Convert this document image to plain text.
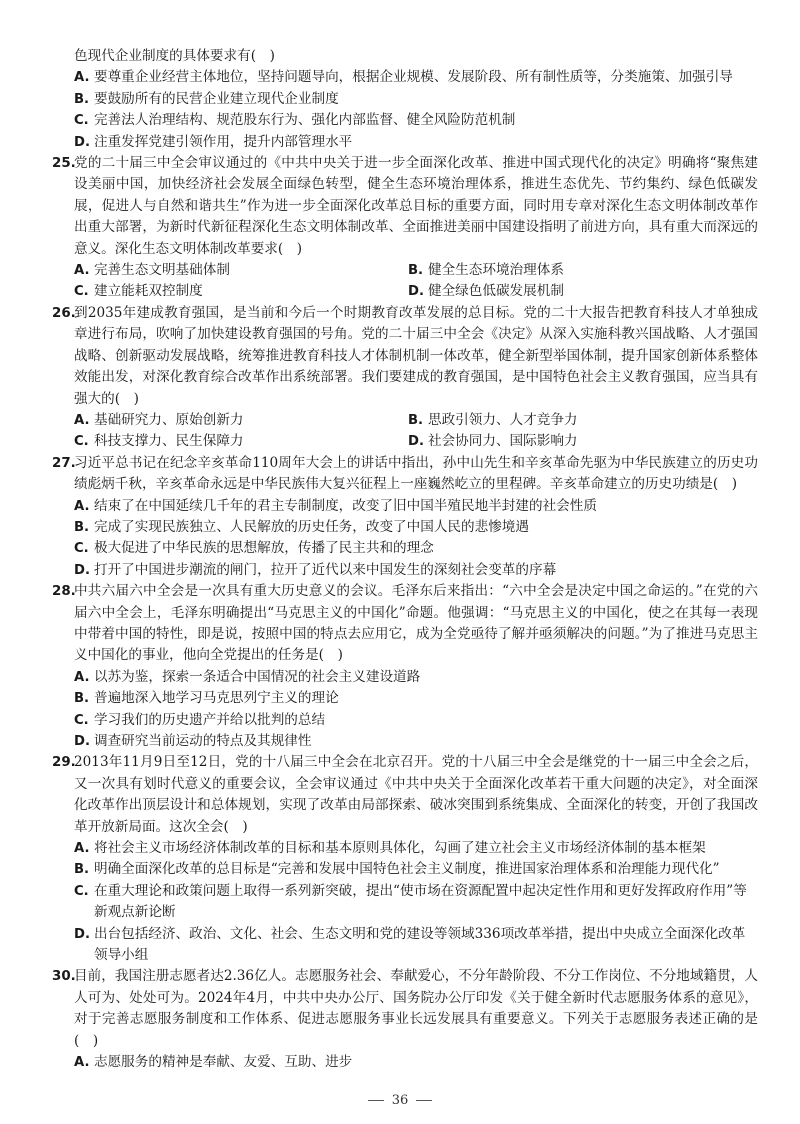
色现代企业制度的具体要求有(　)
A. 要尊重企业经营主体地位，坚持问题导向，根据企业规模、发展阶段、所有制性质等，分类施策、加强引导
B. 要鼓励所有的民营企业建立现代企业制度
C. 完善法人治理结构、规范股东行为、强化内部监督、健全风险防范机制
D. 注重发挥党建引领作用，提升内部管理水平
25.
党的二十届三中全会审议通过的《中共中央关于进一步全面深化改革、推进中国式现代化的决定》明确将“聚焦建设美丽中国，加快经济社会发展全面绿色转型，健全生态环境治理体系，推进生态优先、节约集约、绿色低碳发展，促进人与自然和谐共生”作为进一步全面深化改革总目标的重要方面，同时用专章对深化生态文明体制改革作出重大部署，为新时代新征程深化生态文明体制改革、全面推进美丽中国建设指明了前进方向，具有重大而深远的意义。深化生态文明体制改革要求(　)
A. 完善生态文明基础体制	B. 健全生态环境治理体系
C. 建立能耗双控制度	D. 健全绿色低碳发展机制
26.
到2035年建成教育强国，是当前和今后一个时期教育改革发展的总目标。党的二十大报告把教育科技人才单独成章进行布局，吹响了加快建设教育强国的号角。党的二十届三中全会《决定》从深入实施科教兴国战略、人才强国战略、创新驱动发展战略，统筹推进教育科技人才体制机制一体改革，健全新型举国体制，提升国家创新体系整体效能出发，对深化教育综合改革作出系统部署。我们要建成的教育强国，是中国特色社会主义教育强国，应当具有强大的(　)
A. 基础研究力、原始创新力	B. 思政引领力、人才竞争力
C. 科技支撑力、民生保障力	D. 社会协同力、国际影响力
27.
习近平总书记在纪念辛亥革命110周年大会上的讲话中指出，孙中山先生和辛亥革命先驱为中华民族建立的历史功绩彪炳千秋，辛亥革命永远是中华民族伟大复兴征程上一座巍然屹立的里程碑。辛亥革命建立的历史功绩是(　)
A. 结束了在中国延续几千年的君主专制制度，改变了旧中国半殖民地半封建的社会性质
B. 完成了实现民族独立、人民解放的历史任务，改变了中国人民的悲惨境遇
C. 极大促进了中华民族的思想解放，传播了民主共和的理念
D. 打开了中国进步潮流的闸门，拉开了近代以来中国发生的深刻社会变革的序幕
28.
中共六届六中全会是一次具有重大历史意义的会议。毛泽东后来指出：“六中全会是决定中国之命运的。”在党的六届六中全会上，毛泽东明确提出“马克思主义的中国化”命题。他强调：“马克思主义的中国化，使之在其每一表现中带着中国的特性，即是说，按照中国的特点去应用它，成为全党亟待了解并亟须解决的问题。”为了推进马克思主义中国化的事业，他向全党提出的任务是(　)
A. 以苏为鉴，探索一条适合中国情况的社会主义建设道路
B. 普遍地深入地学习马克思列宁主义的理论
C. 学习我们的历史遗产并给以批判的总结
D. 调查研究当前运动的特点及其规律性
29.
2013年11月9日至12日，党的十八届三中全会在北京召开。党的十八届三中全会是继党的十一届三中全会之后，又一次具有划时代意义的重要会议，全会审议通过《中共中央关于全面深化改革若干重大问题的决定》，对全面深化改革作出顶层设计和总体规划，实现了改革由局部探索、破冰突围到系统集成、全面深化的转变，开创了我国改革开放新局面。这次全会(　)
A. 将社会主义市场经济体制改革的目标和基本原则具体化，勾画了建立社会主义市场经济体制的基本框架
B. 明确全面深化改革的总目标是“完善和发展中国特色社会主义制度，推进国家治理体系和治理能力现代化”
C. 在重大理论和政策问题上取得一系列新突破，提出“使市场在资源配置中起决定性作用和更好发挥政府作用”等新观点新论断
D. 出台包括经济、政治、文化、社会、生态文明和党的建设等领域336项改革举措，提出中央成立全面深化改革领导小组
30.
目前，我国注册志愿者达2.36亿人。志愿服务社会、奉献爱心，不分年龄阶段、不分工作岗位、不分地域籍贯，人人可为、处处可为。2024年4月，中共中央办公厅、国务院办公厅印发《关于健全新时代志愿服务体系的意见》，对于完善志愿服务制度和工作体系、促进志愿服务事业长远发展具有重要意义。下列关于志愿服务表述正确的是(　)
A. 志愿服务的精神是奉献、友爱、互助、进步
36
